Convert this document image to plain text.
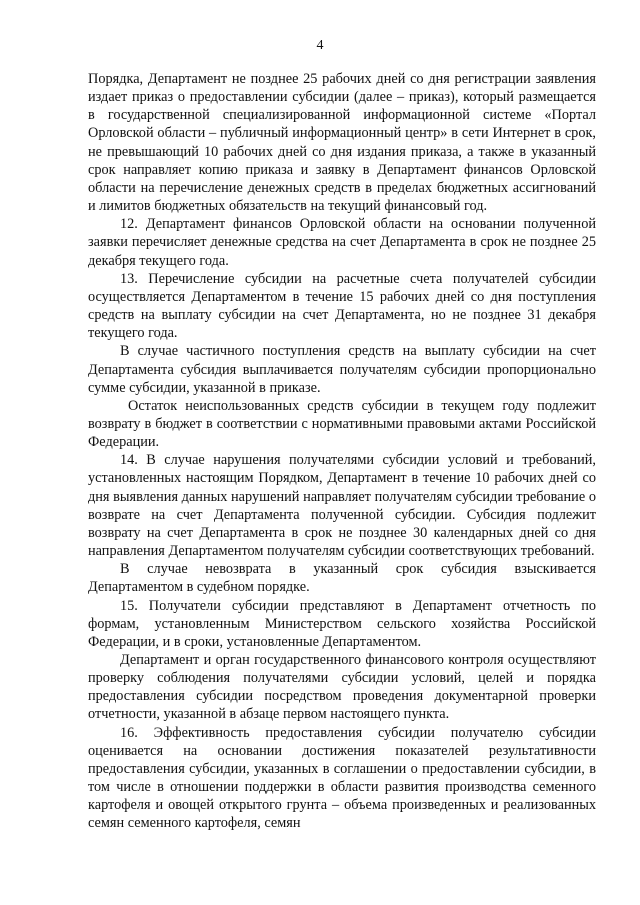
4

Порядка, Департамент не позднее 25 рабочих дней со дня регистрации заявления издает приказ о предоставлении субсидии (далее – приказ), который размещается в государственной специализированной информационной системе «Портал Орловской области – публичный информационный центр» в сети Интернет в срок, не превышающий 10 рабочих дней со дня издания приказа, а также в указанный срок направляет копию приказа и заявку в Департамент финансов Орловской области на перечисление денежных средств в пределах бюджетных ассигнований и лимитов бюджетных обязательств на текущий финансовый год.

12. Департамент финансов Орловской области на основании полученной заявки перечисляет денежные средства на счет Департамента в срок не позднее 25 декабря текущего года.

13. Перечисление субсидии на расчетные счета получателей субсидии осуществляется Департаментом в течение 15 рабочих дней со дня поступления средств на выплату субсидии на счет Департамента, но не позднее 31 декабря текущего года.

В случае частичного поступления средств на выплату субсидии на счет Департамента субсидия выплачивается получателям субсидии пропорционально сумме субсидии, указанной в приказе.

Остаток неиспользованных средств субсидии в текущем году подлежит возврату в бюджет в соответствии с нормативными правовыми актами Российской Федерации.

14. В случае нарушения получателями субсидии условий и требований, установленных настоящим Порядком, Департамент в течение 10 рабочих дней со дня выявления данных нарушений направляет получателям субсидии требование о возврате на счет Департамента полученной субсидии. Субсидия подлежит возврату на счет Департамента в срок не позднее 30 календарных дней со дня направления Департаментом получателям субсидии соответствующих требований.

В случае невозврата в указанный срок субсидия взыскивается Департаментом в судебном порядке.

15. Получатели субсидии представляют в Департамент отчетность по формам, установленным Министерством сельского хозяйства Российской Федерации, и в сроки, установленные Департаментом.

Департамент и орган государственного финансового контроля осуществляют проверку соблюдения получателями субсидии условий, целей и порядка предоставления субсидии посредством проведения документарной проверки отчетности, указанной в абзаце первом настоящего пункта.

16. Эффективность предоставления субсидии получателю субсидии оценивается на основании достижения показателей результативности предоставления субсидии, указанных в соглашении о предоставлении субсидии, в том числе в отношении поддержки в области развития производства семенного картофеля и овощей открытого грунта – объема произведенных и реализованных семян семенного картофеля, семян
